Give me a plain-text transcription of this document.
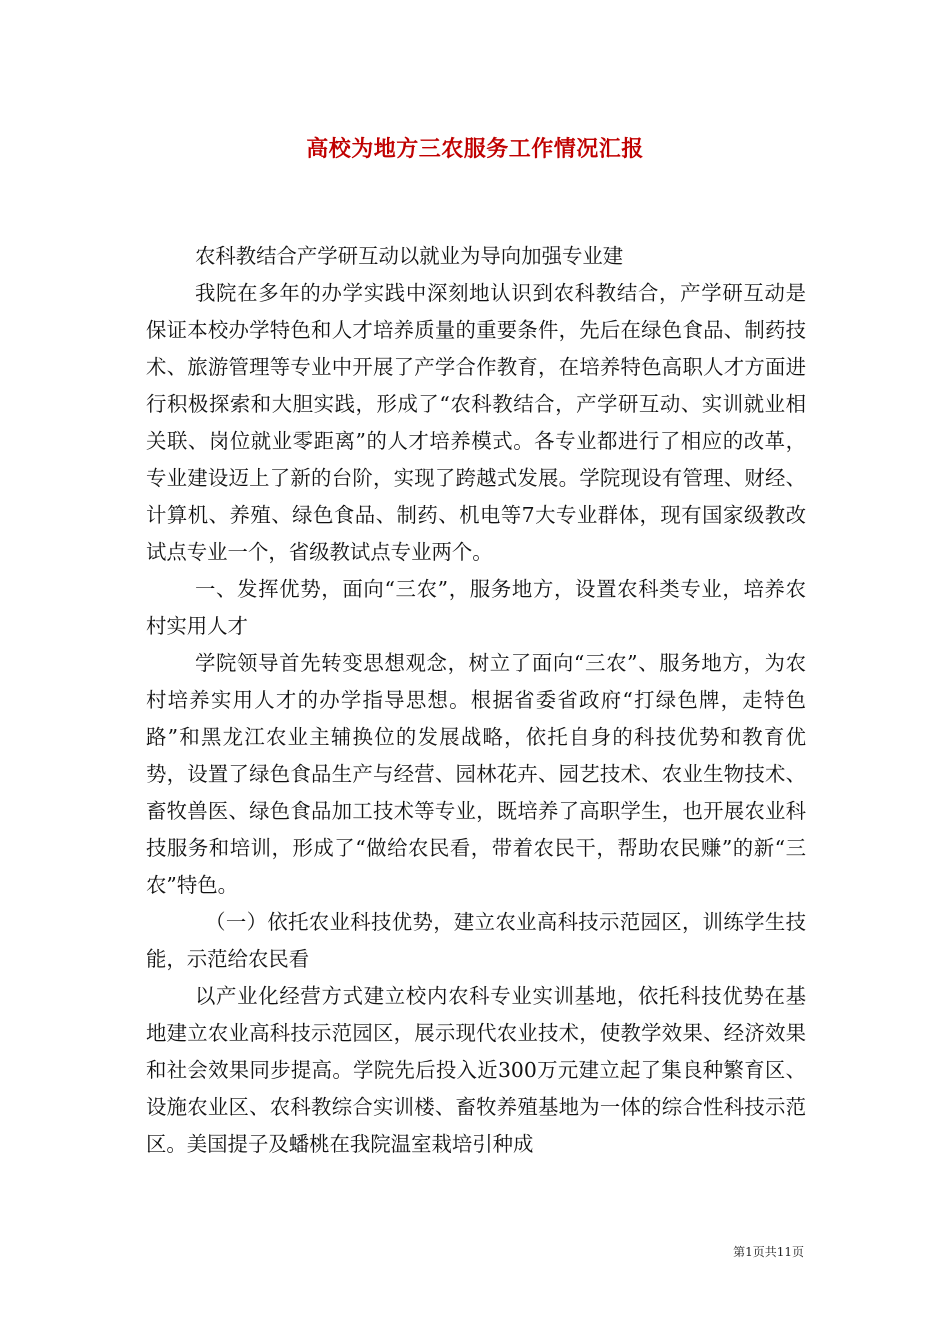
高校为地方三农服务工作情况汇报

农科教结合产学研互动以就业为导向加强专业建

我院在多年的办学实践中深刻地认识到农科教结合，产学研互动是保证本校办学特色和人才培养质量的重要条件，先后在绿色食品、制药技术、旅游管理等专业中开展了产学合作教育，在培养特色高职人才方面进行积极探索和大胆实践，形成了“农科教结合，产学研互动、实训就业相关联、岗位就业零距离”的人才培养模式。各专业都进行了相应的改革，专业建设迈上了新的台阶，实现了跨越式发展。学院现设有管理、财经、计算机、养殖、绿色食品、制药、机电等7大专业群体，现有国家级教改试点专业一个，省级教试点专业两个。

一、发挥优势，面向“三农”，服务地方，设置农科类专业，培养农村实用人才

学院领导首先转变思想观念，树立了面向“三农”、服务地方，为农村培养实用人才的办学指导思想。根据省委省政府“打绿色牌，走特色路”和黑龙江农业主辅换位的发展战略，依托自身的科技优势和教育优势，设置了绿色食品生产与经营、园林花卉、园艺技术、农业生物技术、畜牧兽医、绿色食品加工技术等专业，既培养了高职学生，也开展农业科技服务和培训，形成了“做给农民看，带着农民干，帮助农民赚”的新“三农”特色。

（一）依托农业科技优势，建立农业高科技示范园区，训练学生技能，示范给农民看

以产业化经营方式建立校内农科专业实训基地，依托科技优势在基地建立农业高科技示范园区，展示现代农业技术，使教学效果、经济效果和社会效果同步提高。学院先后投入近300万元建立起了集良种繁育区、设施农业区、农科教综合实训楼、畜牧养殖基地为一体的综合性科技示范区。美国提子及蟠桃在我院温室栽培引种成

第1页共11页
